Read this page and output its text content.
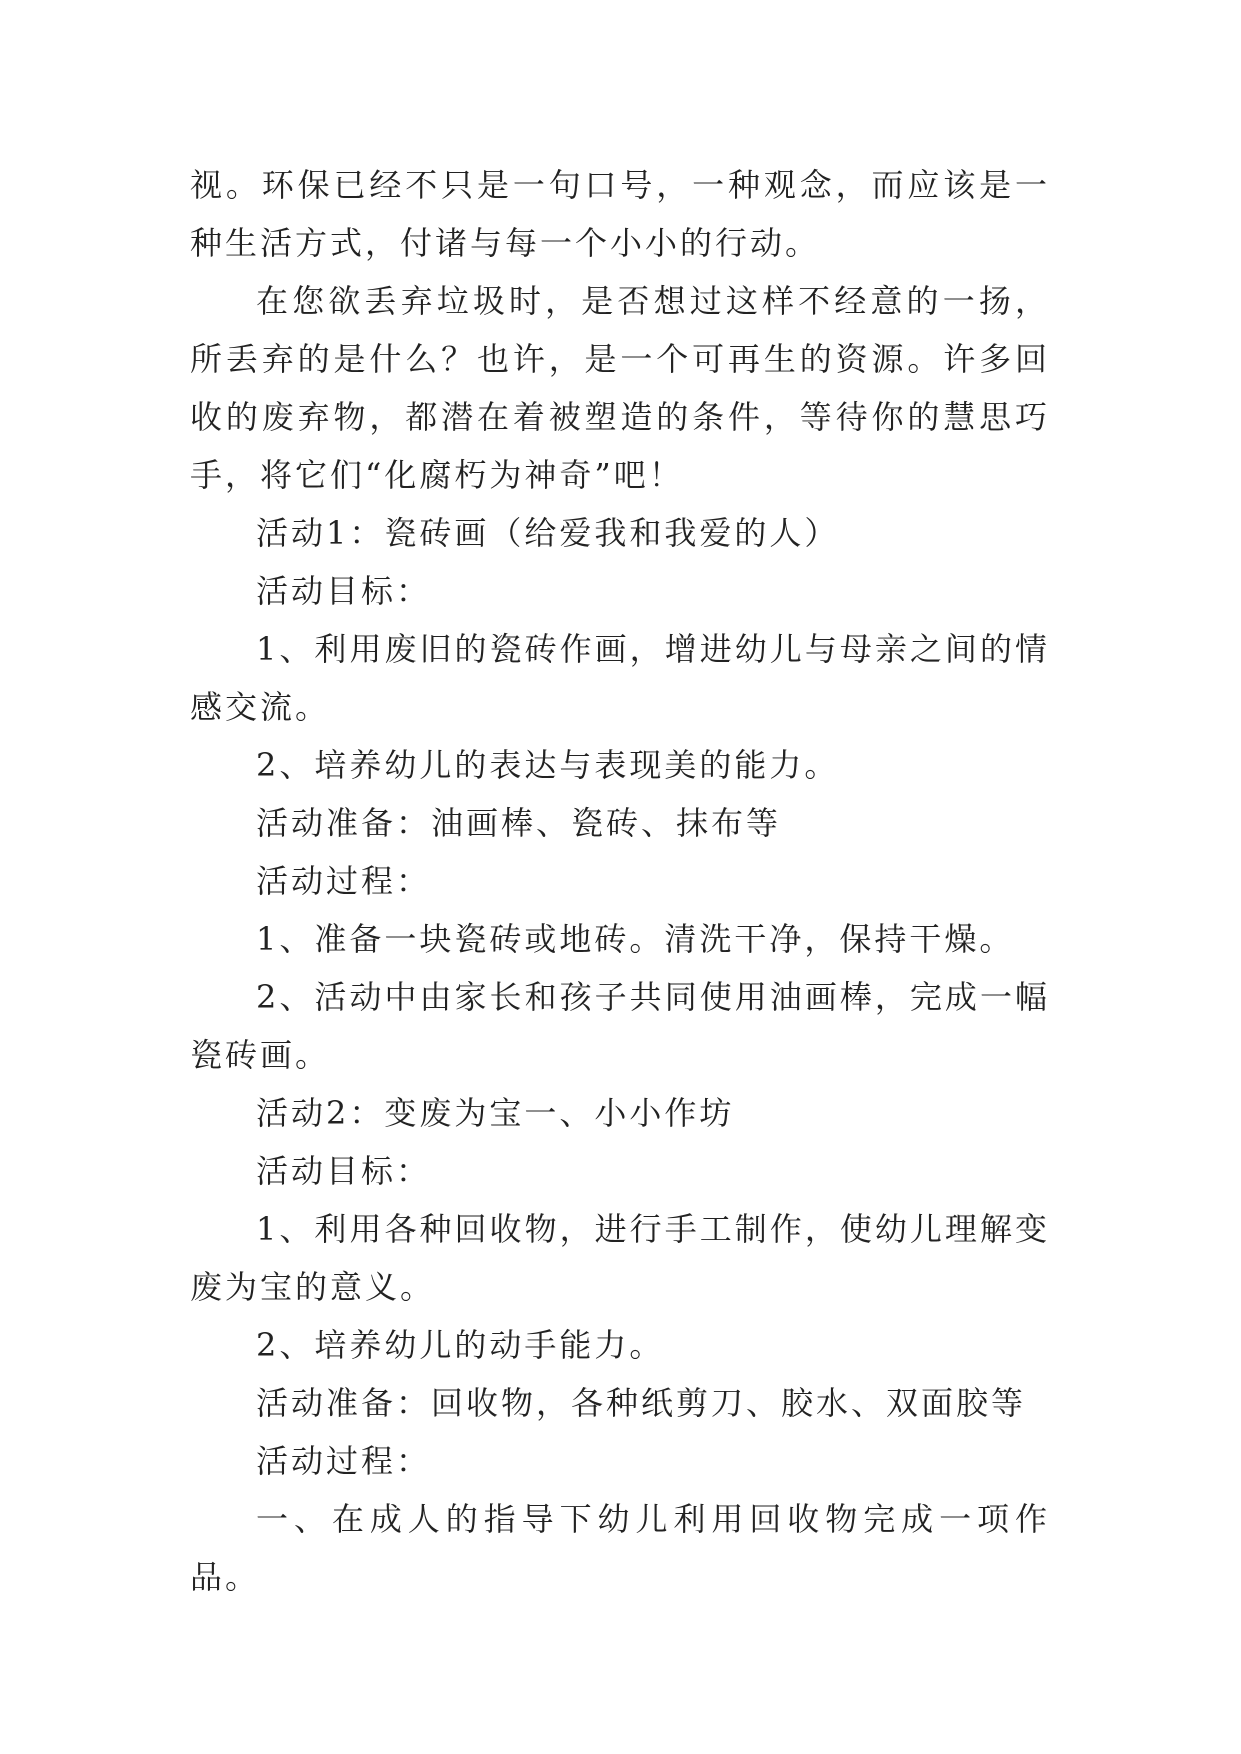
视。环保已经不只是一句口号，一种观念，而应该是一种生活方式，付诸与每一个小小的行动。

在您欲丢弃垃圾时，是否想过这样不经意的一扬，所丢弃的是什么？也许，是一个可再生的资源。许多回收的废弃物，都潜在着被塑造的条件，等待你的慧思巧手，将它们“化腐朽为神奇”吧！

活动1：瓷砖画（给爱我和我爱的人）

活动目标：

1、利用废旧的瓷砖作画，增进幼儿与母亲之间的情感交流。

2、培养幼儿的表达与表现美的能力。

活动准备：油画棒、瓷砖、抹布等

活动过程：

1、准备一块瓷砖或地砖。清洗干净，保持干燥。

2、活动中由家长和孩子共同使用油画棒，完成一幅瓷砖画。

活动2：变废为宝一、小小作坊

活动目标：

1、利用各种回收物，进行手工制作，使幼儿理解变废为宝的意义。

2、培养幼儿的动手能力。

活动准备：回收物，各种纸剪刀、胶水、双面胶等

活动过程：

一、在成人的指导下幼儿利用回收物完成一项作品。
